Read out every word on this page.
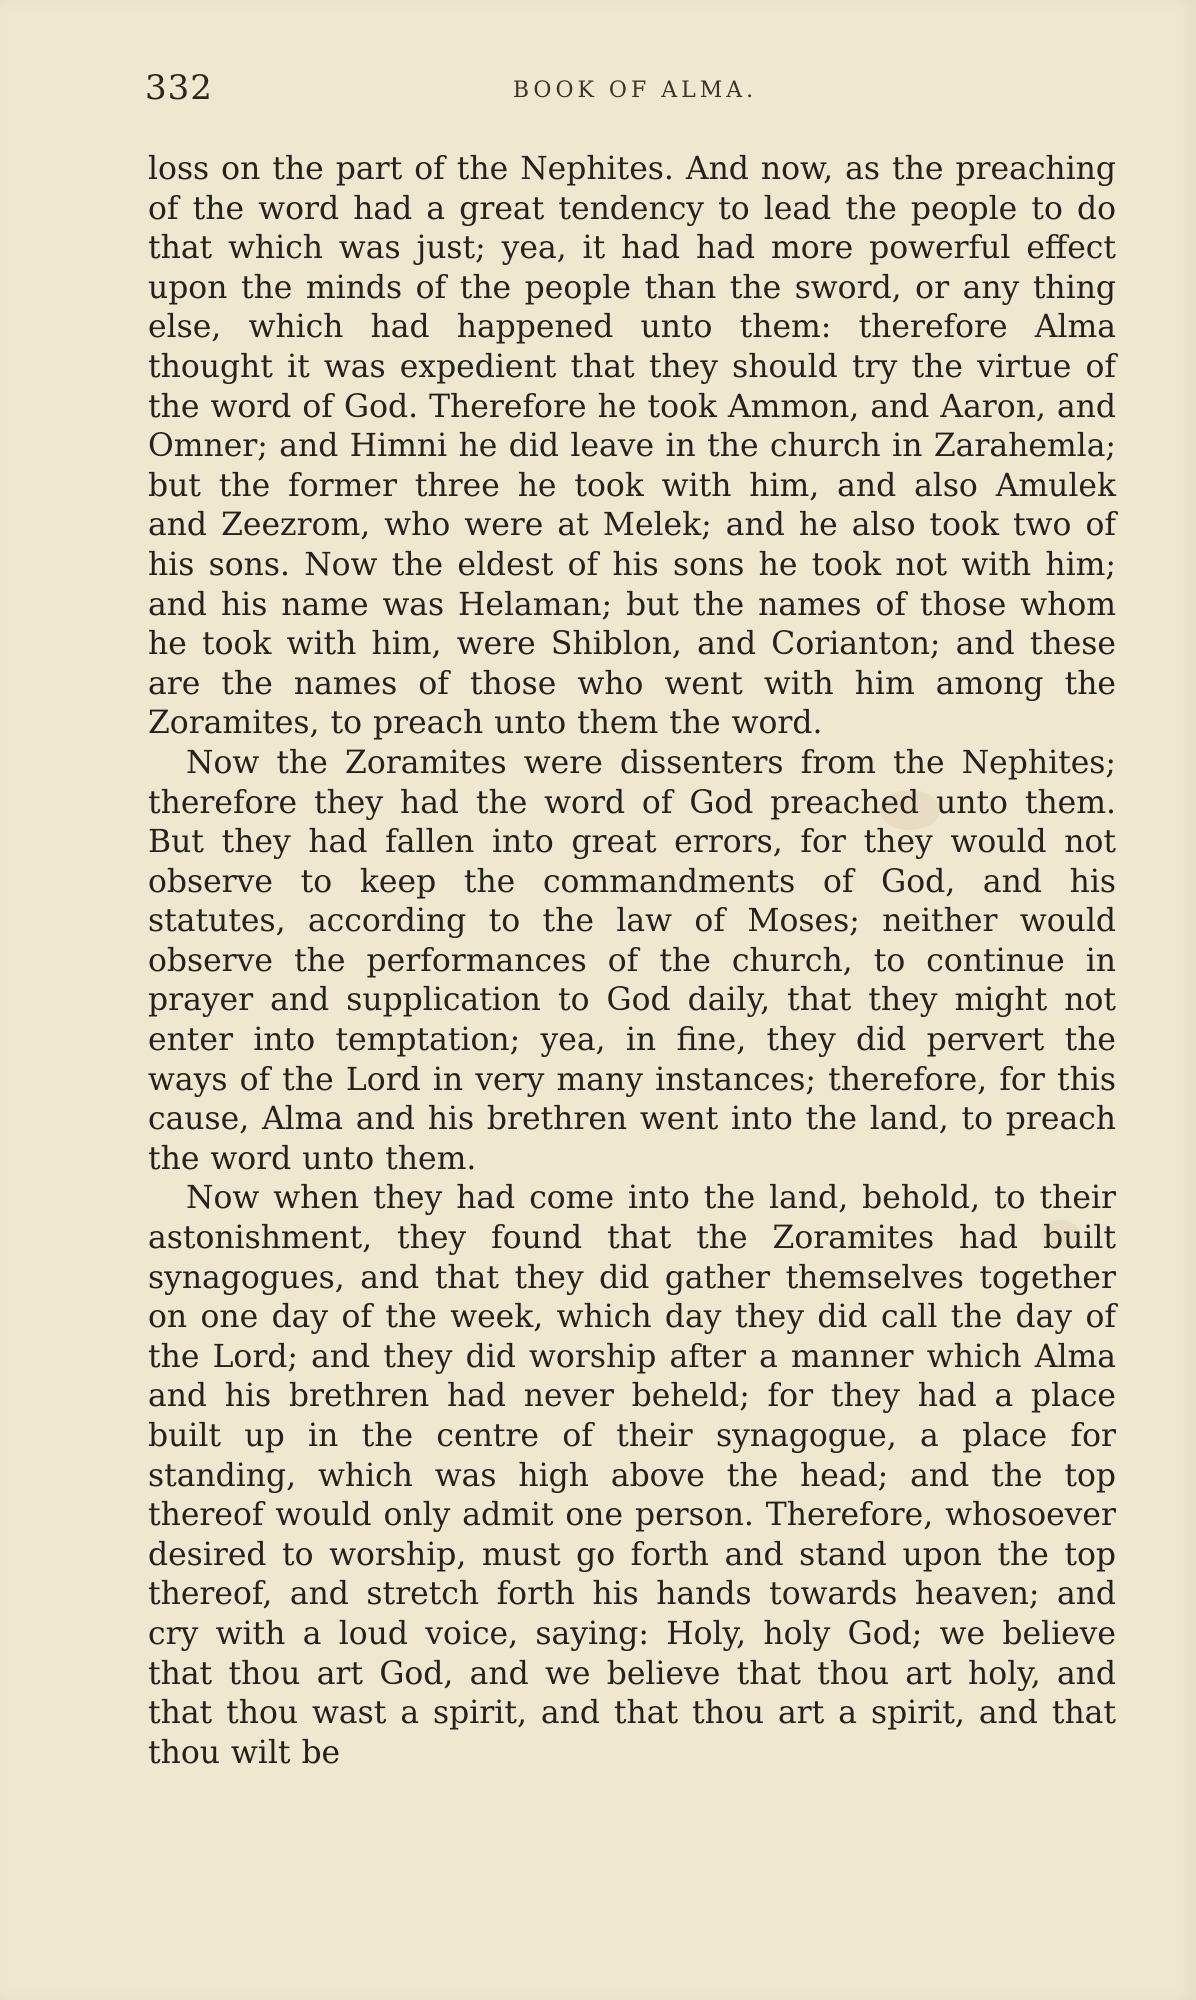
332	BOOK OF ALMA.

loss on the part of the Nephites. And now, as the preaching of the word had a great tendency to lead the people to do that which was just; yea, it had had more powerful effect upon the minds of the people than the sword, or any thing else, which had happened unto them: therefore Alma thought it was expedient that they should try the virtue of the word of God. Therefore he took Ammon, and Aaron, and Omner; and Himni he did leave in the church in Zarahemla; but the former three he took with him, and also Amulek and Zeezrom, who were at Melek; and he also took two of his sons. Now the eldest of his sons he took not with him; and his name was Helaman; but the names of those whom he took with him, were Shiblon, and Corianton; and these are the names of those who went with him among the Zoramites, to preach unto them the word.

Now the Zoramites were dissenters from the Nephites; therefore they had the word of God preached unto them. But they had fallen into great errors, for they would not observe to keep the commandments of God, and his statutes, according to the law of Moses; neither would observe the performances of the church, to continue in prayer and supplication to God daily, that they might not enter into temptation; yea, in fine, they did pervert the ways of the Lord in very many instances; therefore, for this cause, Alma and his brethren went into the land, to preach the word unto them.

Now when they had come into the land, behold, to their astonishment, they found that the Zoramites had built synagogues, and that they did gather themselves together on one day of the week, which day they did call the day of the Lord; and they did worship after a manner which Alma and his brethren had never beheld; for they had a place built up in the centre of their synagogue, a place for standing, which was high above the head; and the top thereof would only admit one person. Therefore, whosoever desired to worship, must go forth and stand upon the top thereof, and stretch forth his hands towards heaven; and cry with a loud voice, saying: Holy, holy God; we believe that thou art God, and we believe that thou art holy, and that thou wast a spirit, and that thou art a spirit, and that thou wilt be
